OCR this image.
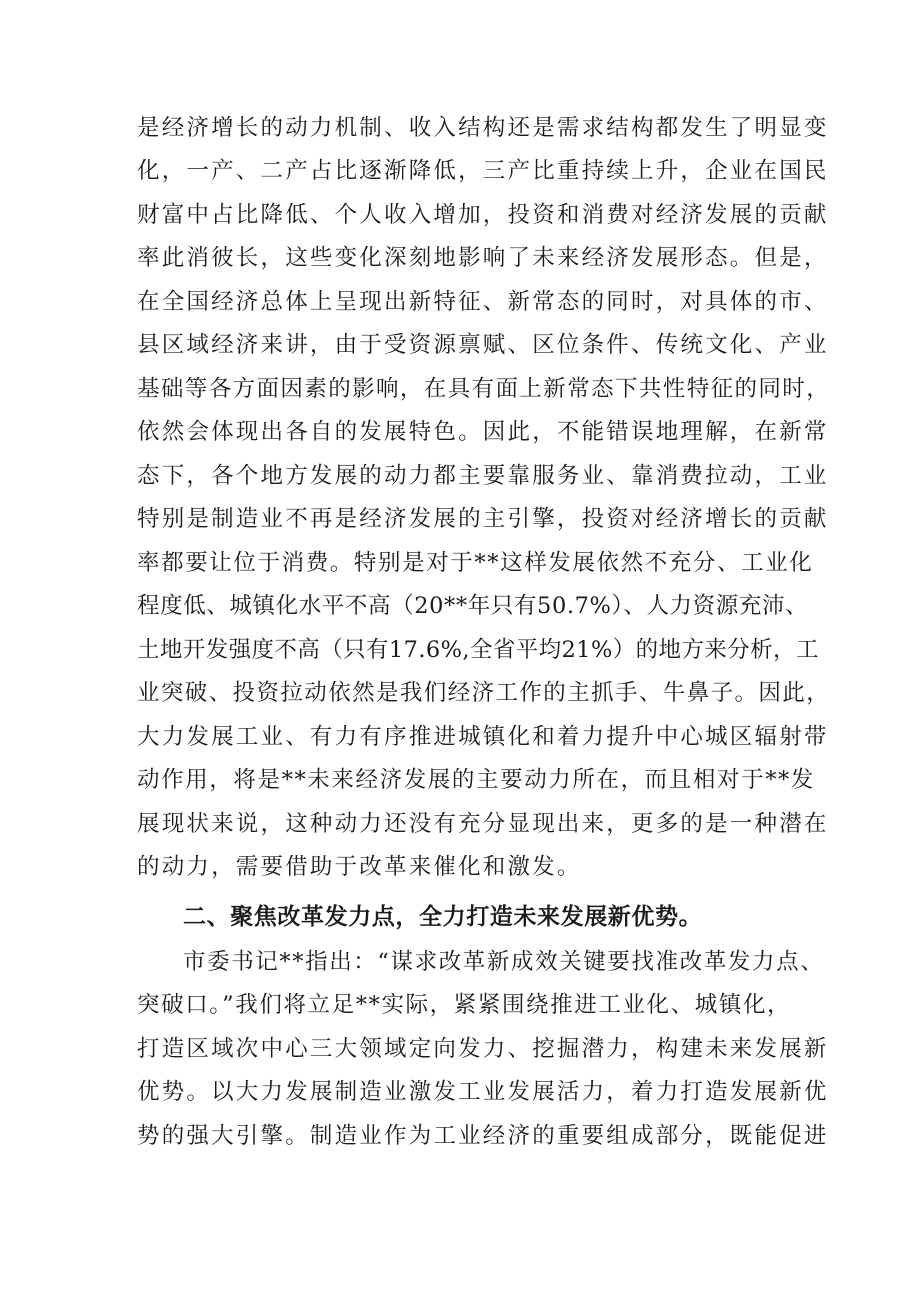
是经济增长的动力机制、收入结构还是需求结构都发生了明显变
化，一产、二产占比逐渐降低，三产比重持续上升，企业在国民
财富中占比降低、个人收入增加，投资和消费对经济发展的贡献
率此消彼长，这些变化深刻地影响了未来经济发展形态。但是，
在全国经济总体上呈现出新特征、新常态的同时，对具体的市、
县区域经济来讲，由于受资源禀赋、区位条件、传统文化、产业
基础等各方面因素的影响，在具有面上新常态下共性特征的同时，
依然会体现出各自的发展特色。因此，不能错误地理解，在新常
态下，各个地方发展的动力都主要靠服务业、靠消费拉动，工业
特别是制造业不再是经济发展的主引擎，投资对经济增长的贡献
率都要让位于消费。特别是对于**这样发展依然不充分、工业化
程度低、城镇化水平不高（20**年只有50.7%）、人力资源充沛、
土地开发强度不高（只有17.6%,全省平均21%）的地方来分析，工
业突破、投资拉动依然是我们经济工作的主抓手、牛鼻子。因此，
大力发展工业、有力有序推进城镇化和着力提升中心城区辐射带
动作用，将是**未来经济发展的主要动力所在，而且相对于**发
展现状来说，这种动力还没有充分显现出来，更多的是一种潜在
的动力，需要借助于改革来催化和激发。
二、聚焦改革发力点，全力打造未来发展新优势。
市委书记**指出：“谋求改革新成效关键要找准改革发力点、
突破口。”我们将立足**实际，紧紧围绕推进工业化、城镇化，
打造区域次中心三大领域定向发力、挖掘潜力，构建未来发展新
优势。以大力发展制造业激发工业发展活力，着力打造发展新优
势的强大引擎。制造业作为工业经济的重要组成部分，既能促进
